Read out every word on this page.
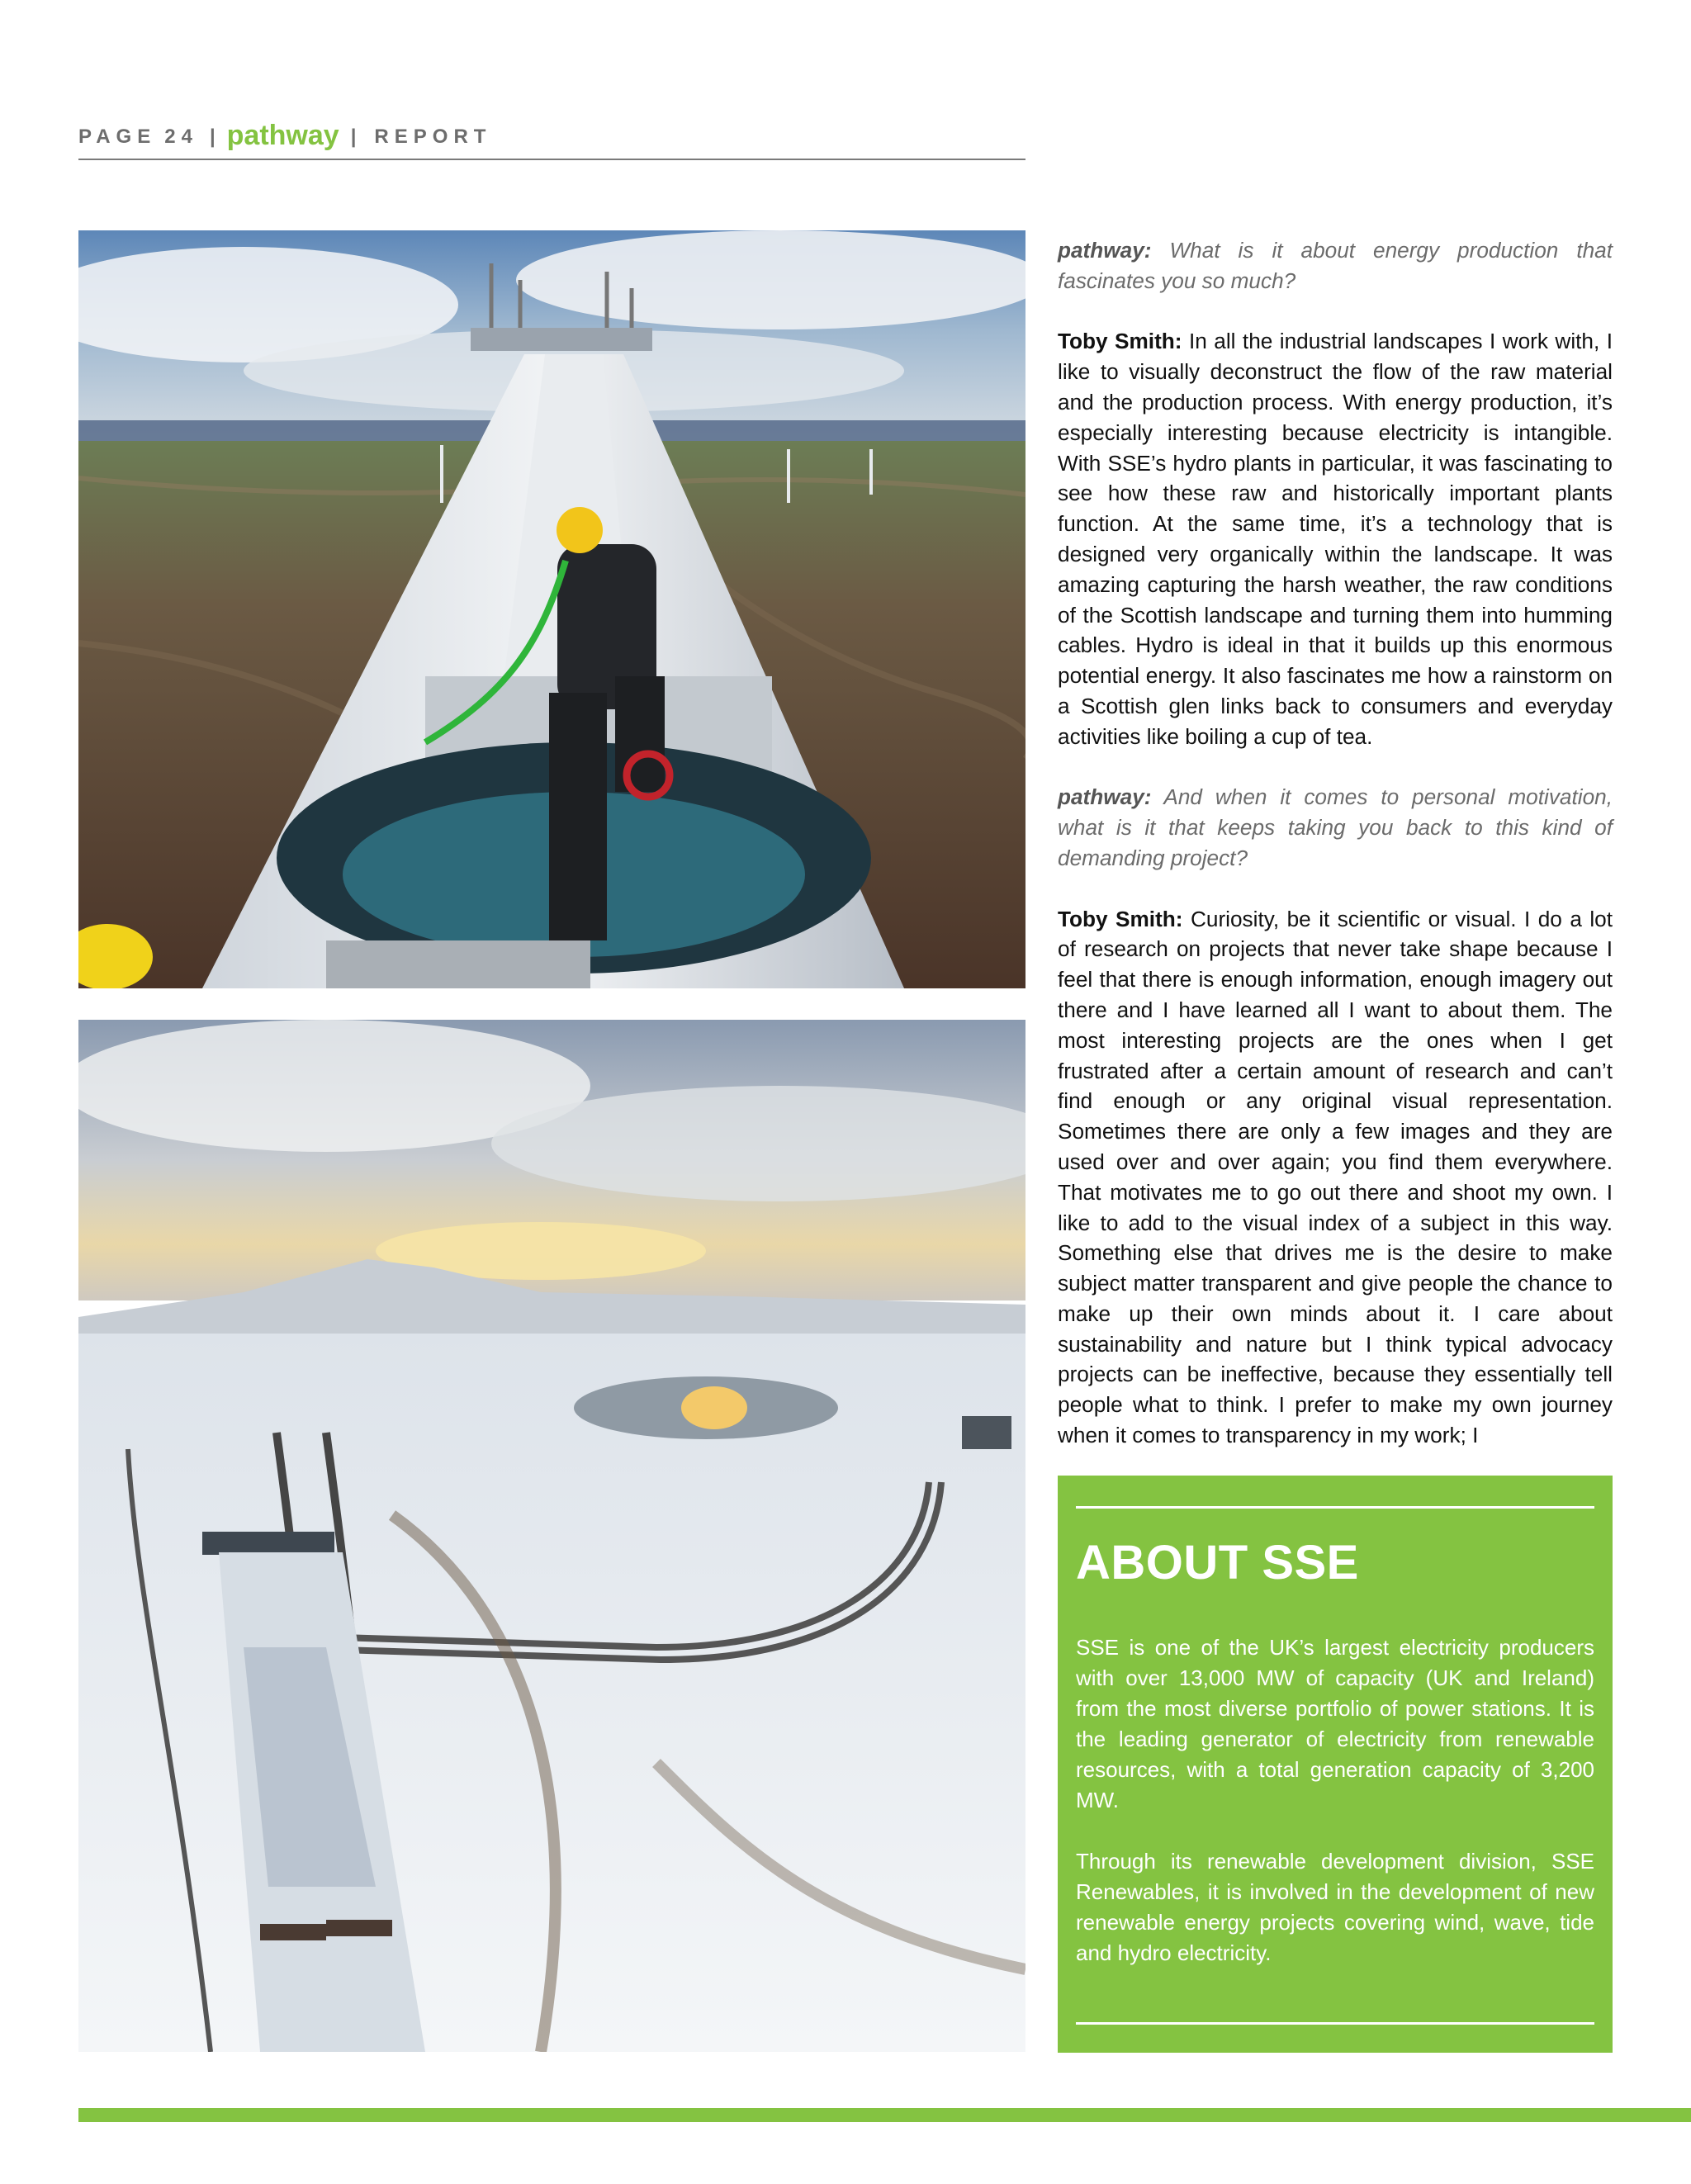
PAGE 24 | pathway | REPORT

pathway: What is it about energy production that fascinates you so much?

Toby Smith: In all the industrial landscapes I work with, I like to visually deconstruct the flow of the raw material and the production process. With energy production, it’s especially interesting because electricity is intangible. With SSE’s hydro plants in particular, it was fascinating to see how these raw and historically important plants function. At the same time, it’s a technology that is designed very organically within the landscape. It was amazing capturing the harsh weather, the raw conditions of the Scottish landscape and turning them into humming cables. Hydro is ideal in that it builds up this enormous potential energy. It also fascinates me how a rainstorm on a Scottish glen links back to consumers and everyday activities like boiling a cup of tea.

pathway: And when it comes to personal motivation, what is it that keeps taking you back to this kind of demanding project?

Toby Smith: Curiosity, be it scientific or visual. I do a lot of research on projects that never take shape because I feel that there is enough information, enough imagery out there and I have learned all I want to about them. The most interesting projects are the ones when I get frustrated after a certain amount of research and can’t find enough or any original visual representation. Sometimes there are only a few images and they are used over and over again; you find them everywhere. That motivates me to go out there and shoot my own. I like to add to the visual index of a subject in this way. Something else that drives me is the desire to make subject matter transparent and give people the chance to make up their own minds about it. I care about sustainability and nature but I think typical advocacy projects can be ineffective, because they essentially tell people what to think. I prefer to make my own journey when it comes to transparency in my work; I

ABOUT SSE

SSE is one of the UK’s largest electricity producers with over 13,000 MW of capacity (UK and Ireland) from the most diverse portfolio of power stations. It is the leading generator of electricity from renewable resources, with a total generation capacity of 3,200 MW.

Through its renewable development division, SSE Renewables, it is involved in the development of new renewable energy projects covering wind, wave, tide and hydro electricity.
